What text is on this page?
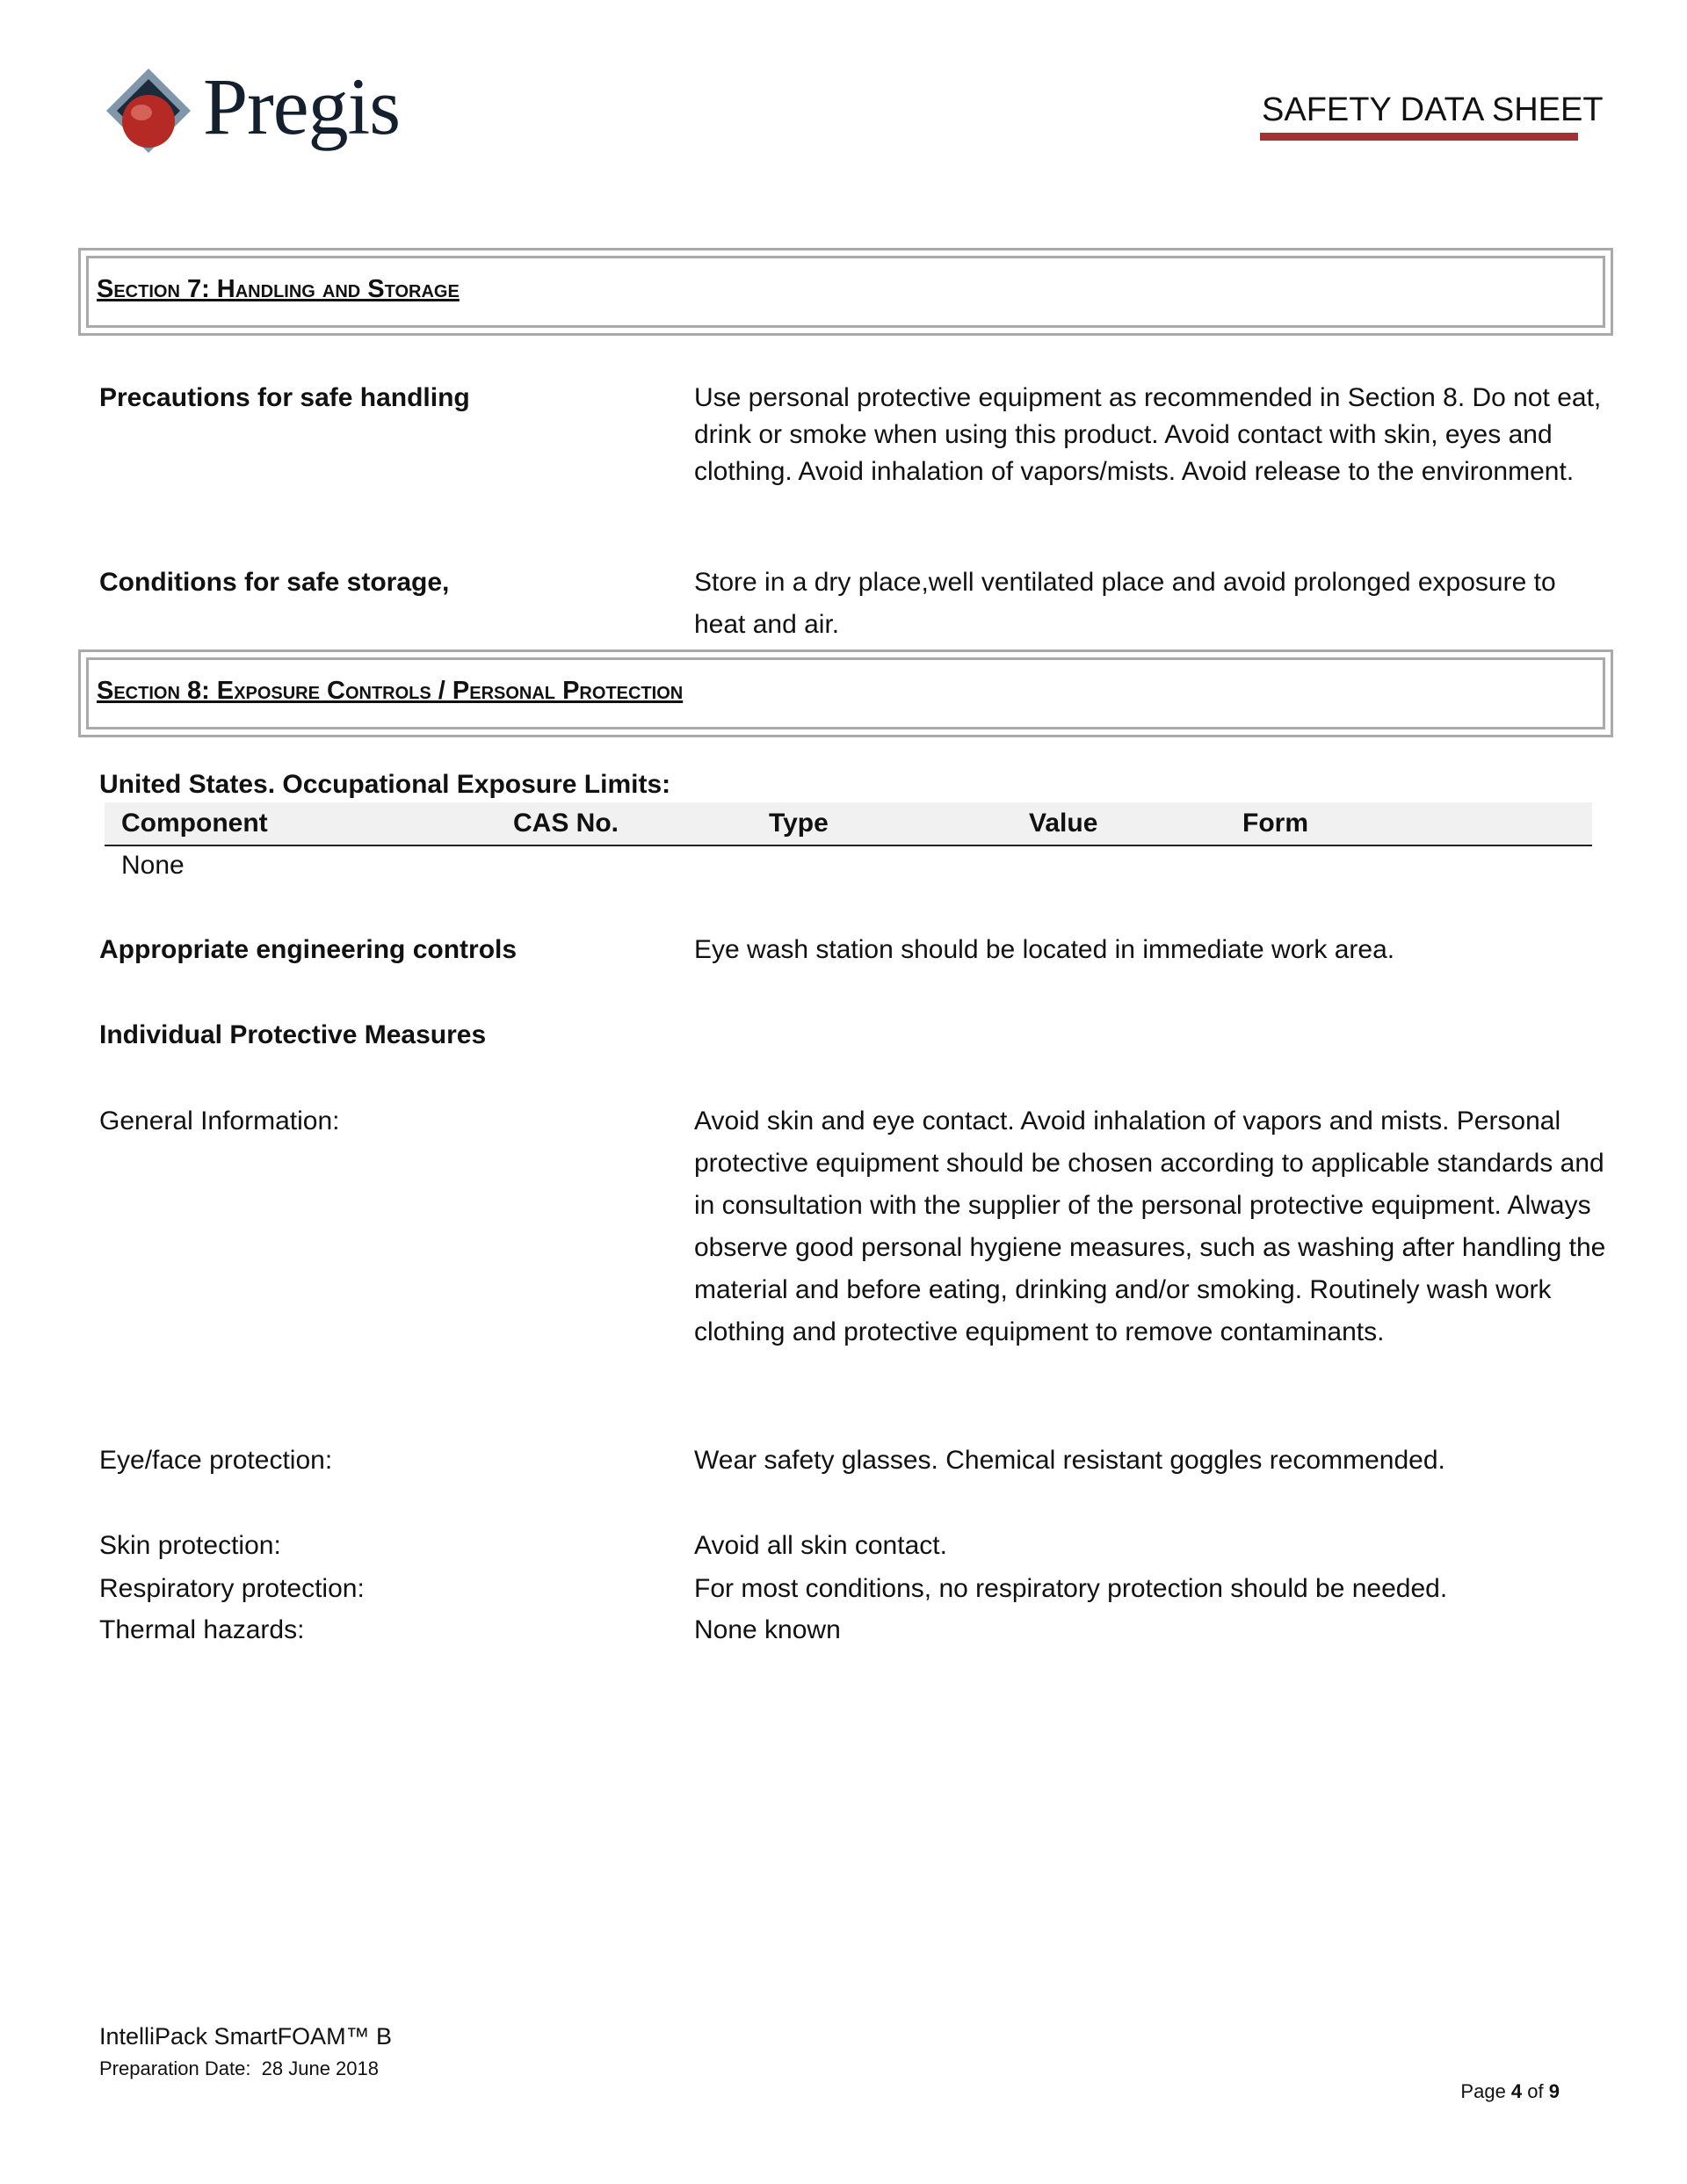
Pregis	SAFETY DATA SHEET
Section 7: Handling and Storage
Precautions for safe handling	Use personal protective equipment as recommended in Section 8. Do not eat, drink or smoke when using this product. Avoid contact with skin, eyes and clothing. Avoid inhalation of vapors/mists. Avoid release to the environment.
Conditions for safe storage,	Store in a dry place,well ventilated place and avoid prolonged exposure to heat and air.
Section 8: Exposure Controls / Personal Protection
United States. Occupational Exposure Limits:
Component	CAS No.	Type	Value	Form
None
Appropriate engineering controls	Eye wash station should be located in immediate work area.
Individual Protective Measures
General Information:	Avoid skin and eye contact. Avoid inhalation of vapors and mists. Personal protective equipment should be chosen according to applicable standards and in consultation with the supplier of the personal protective equipment. Always observe good personal hygiene measures, such as washing after handling the material and before eating, drinking and/or smoking. Routinely wash work clothing and protective equipment to remove contaminants.
Eye/face protection:	Wear safety glasses. Chemical resistant goggles recommended.
Skin protection:	Avoid all skin contact.
Respiratory protection:	For most conditions, no respiratory protection should be needed.
Thermal hazards:	None known
IntelliPack SmartFOAM™ B
Preparation Date:  28 June 2018

Page 4 of 9
